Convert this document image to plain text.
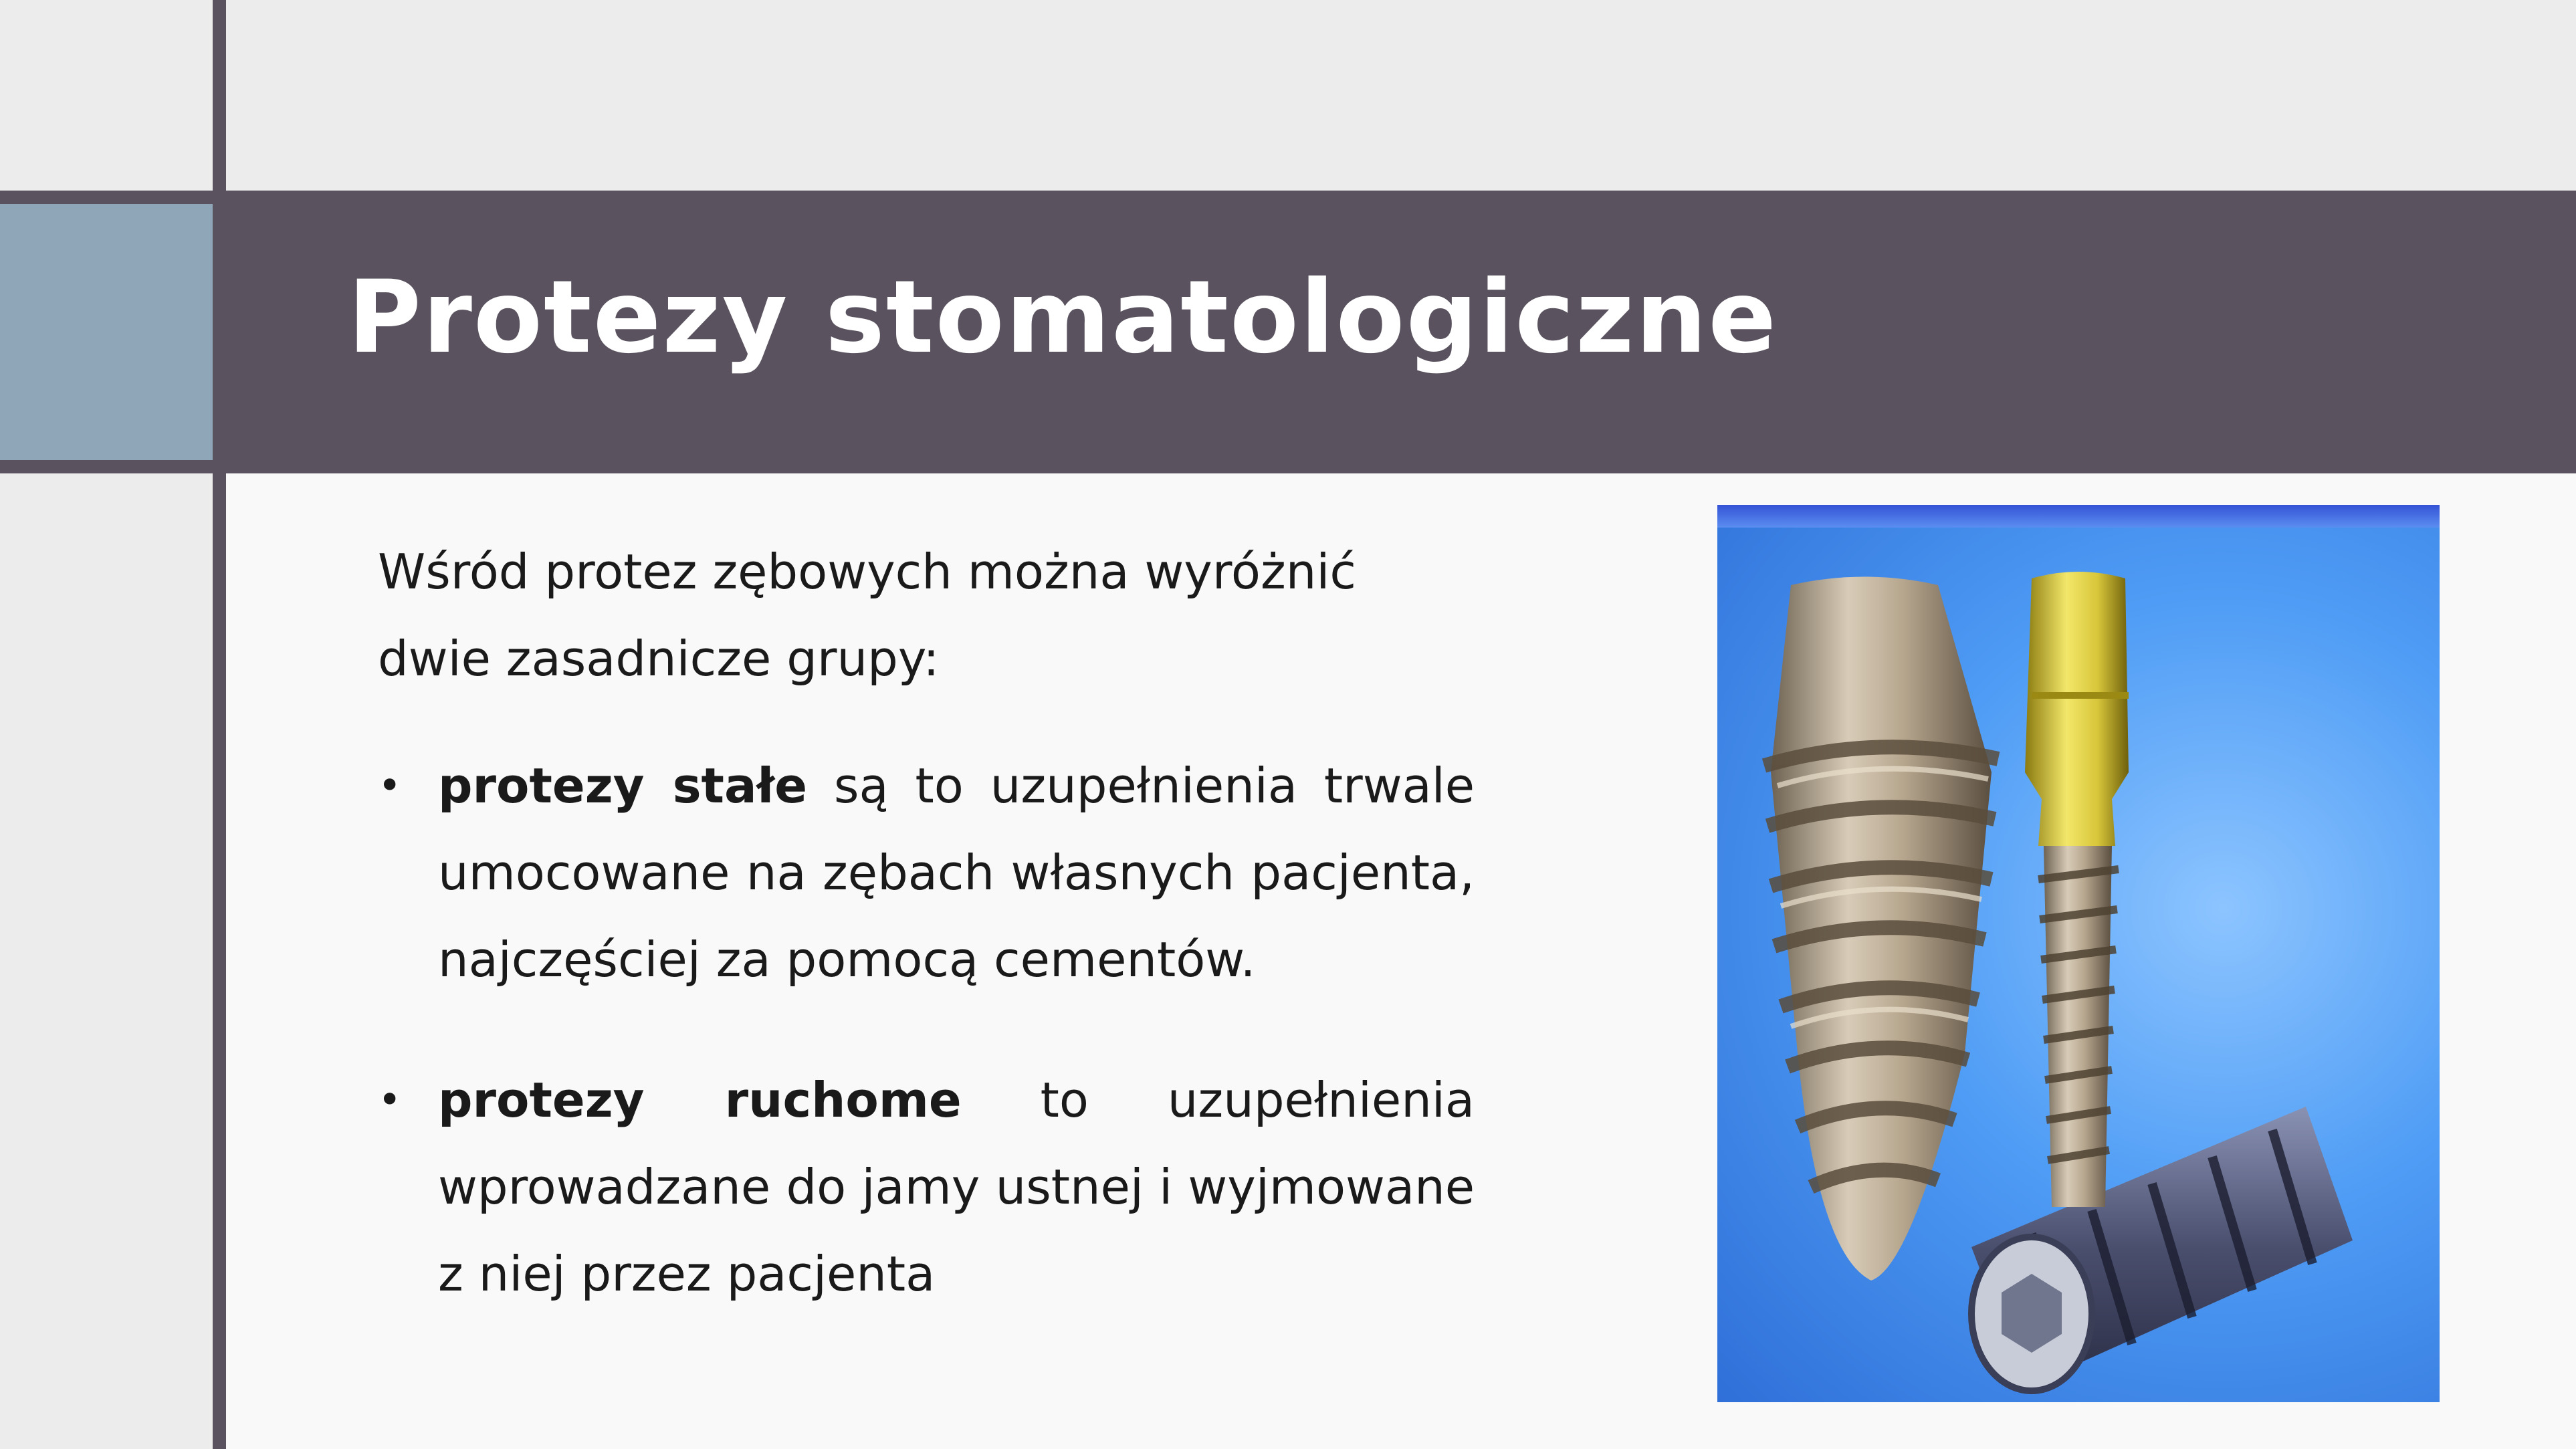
Protezy stomatologiczne

Wśród protez zębowych można wyróżnić dwie zasadnicze grupy:

• protezy stałe są to uzupełnienia trwale umocowane na zębach własnych pacjenta, najczęściej za pomocą cementów.
• protezy ruchome to uzupełnienia wprowadzane do jamy ustnej i wyjmowane z niej przez pacjenta
